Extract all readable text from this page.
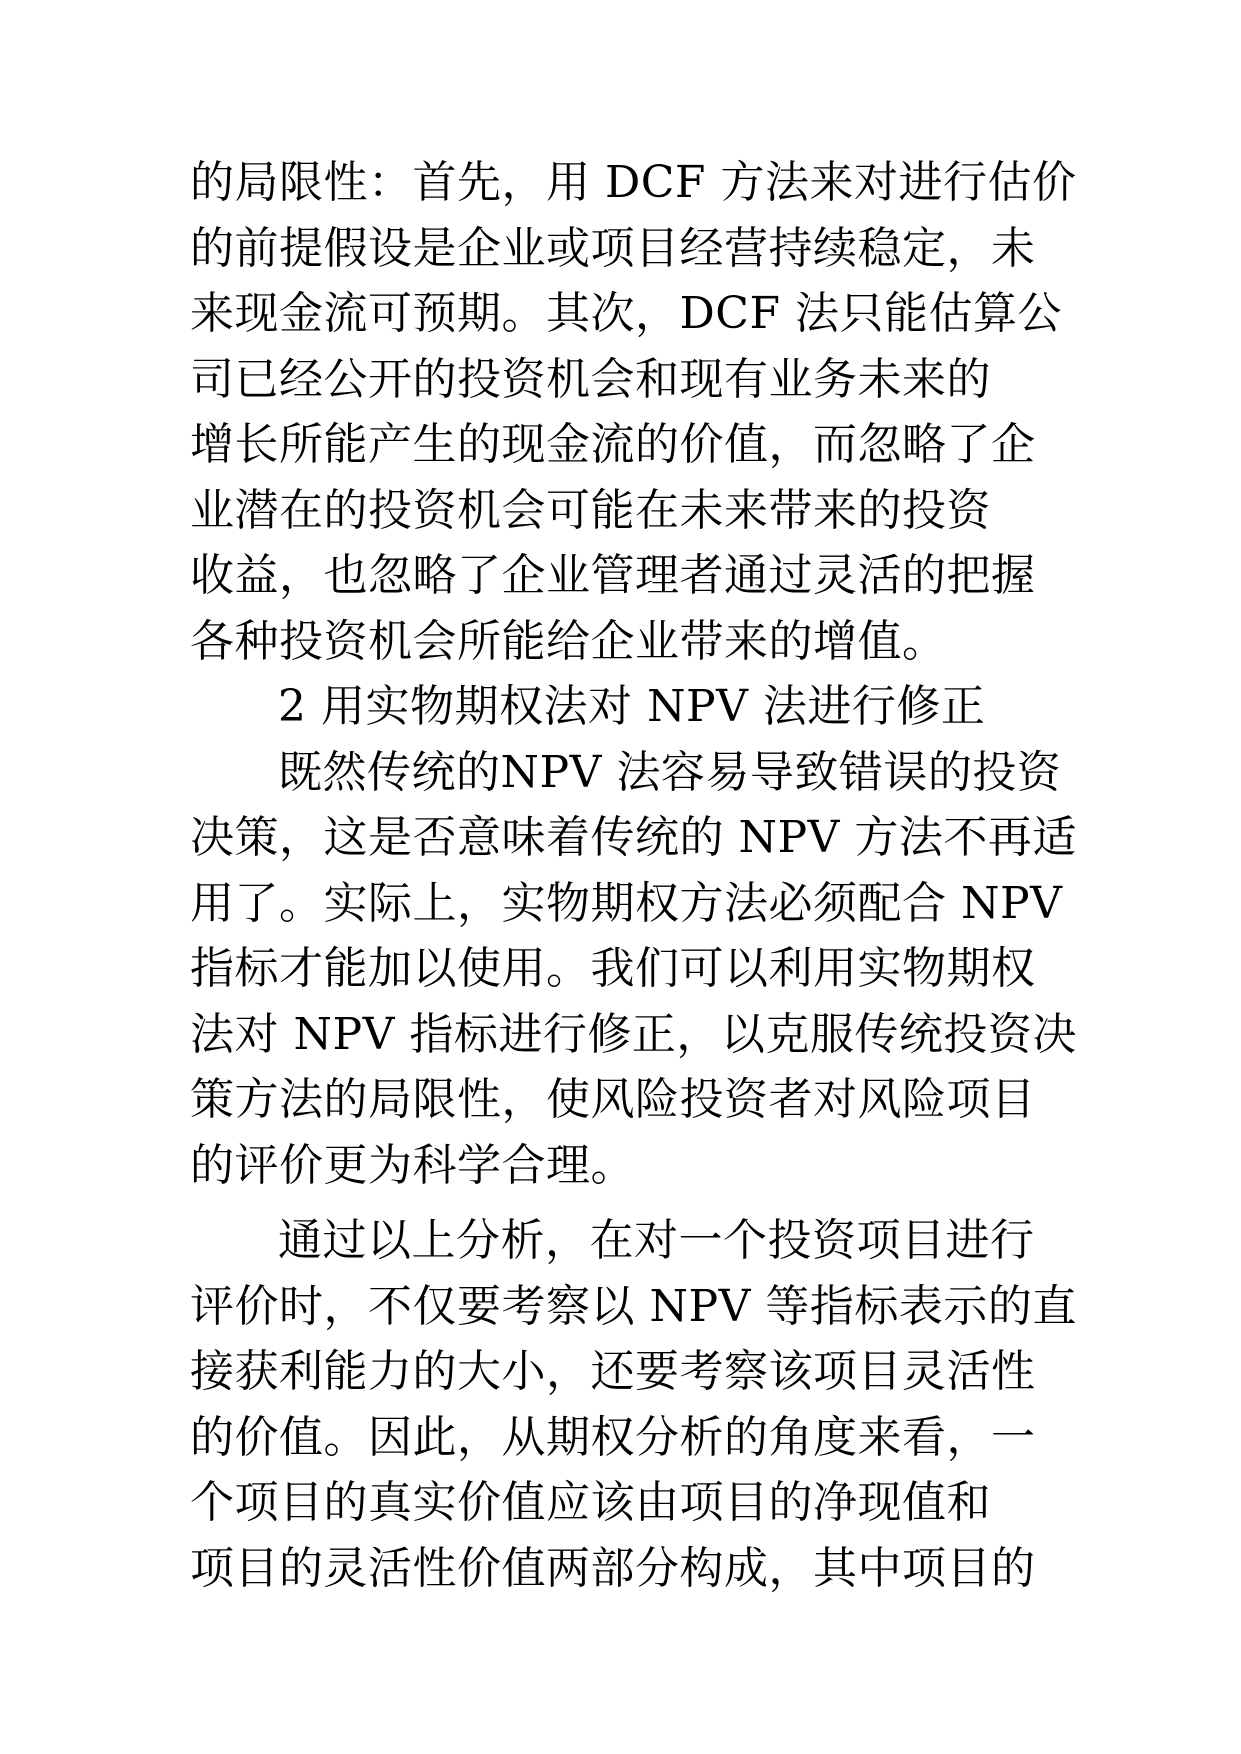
的局限性：首先，用 DCF 方法来对进行估价
的前提假设是企业或项目经营持续稳定，未
来现金流可预期。其次，DCF 法只能估算公
司已经公开的投资机会和现有业务未来的
增长所能产生的现金流的价值，而忽略了企
业潜在的投资机会可能在未来带来的投资
收益，也忽略了企业管理者通过灵活的把握
各种投资机会所能给企业带来的增值。
2 用实物期权法对 NPV 法进行修正
既然传统的NPV 法容易导致错误的投资
决策，这是否意味着传统的 NPV 方法不再适
用了。实际上，实物期权方法必须配合 NPV
指标才能加以使用。我们可以利用实物期权
法对 NPV 指标进行修正，以克服传统投资决
策方法的局限性，使风险投资者对风险项目
的评价更为科学合理。
通过以上分析，在对一个投资项目进行
评价时，不仅要考察以 NPV 等指标表示的直
接获利能力的大小，还要考察该项目灵活性
的价值。因此，从期权分析的角度来看，一
个项目的真实价值应该由项目的净现值和
项目的灵活性价值两部分构成，其中项目的
